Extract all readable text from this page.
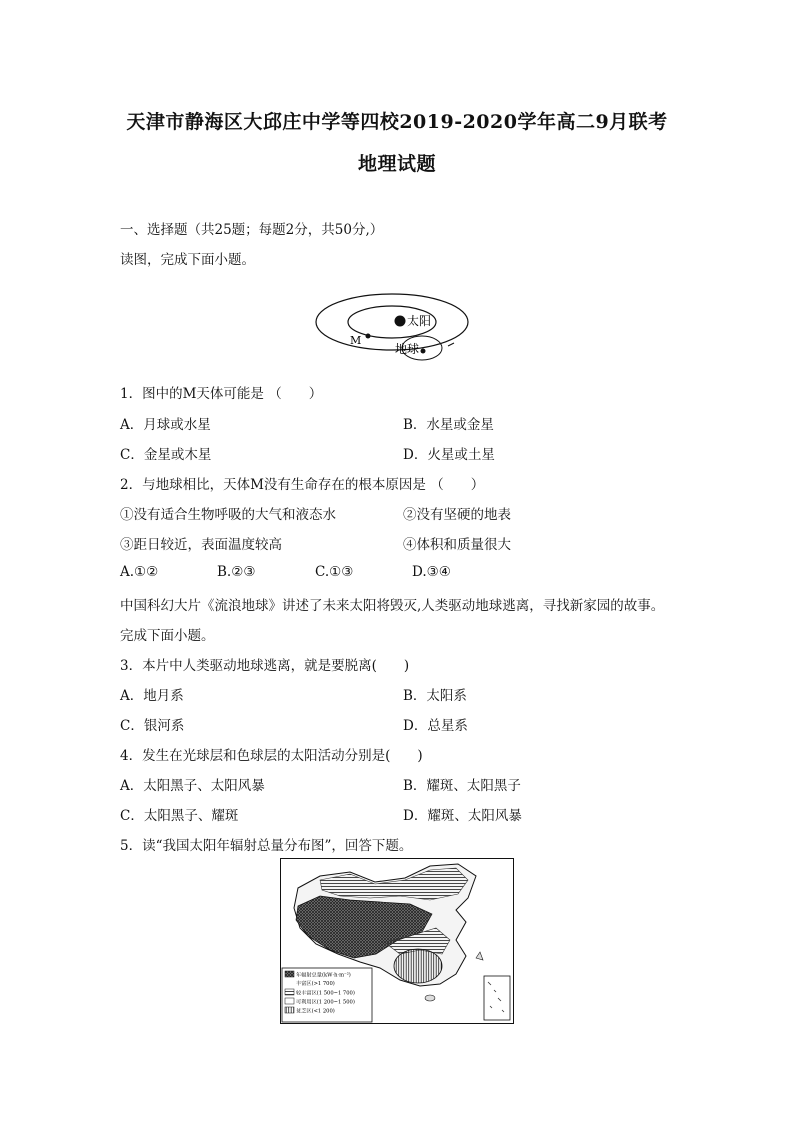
天津市静海区大邱庄中学等四校2019-2020学年高二9月联考
地理试题
一、选择题（共25题；每题2分，共50分,）
读图，完成下面小题。
太阳
M
地球
1．图中的M天体可能是 （　　）
A．月球或水星	B．水星或金星
C．金星或木星	D．火星或土星
2．与地球相比，天体M没有生命存在的根本原因是 （　　）
①没有适合生物呼吸的大气和液态水	②没有坚硬的地表
③距日较近，表面温度较高	④体积和质量很大
A.①②	B.②③	C.①③	D.③④
中国科幻大片《流浪地球》讲述了未来太阳将毁灭,人类驱动地球逃离，寻找新家园的故事。
完成下面小题。
3．本片中人类驱动地球逃离，就是要脱离(　　)
A．地月系	B．太阳系
C．银河系	D．总星系
4．发生在光球层和色球层的太阳活动分别是(　　)
A．太阳黑子、太阳风暴	B．耀斑、太阳黑子
C．太阳黑子、耀斑	D．耀斑、太阳风暴
5．读“我国太阳年辐射总量分布图”，回答下题。
年辐射总量(kW·h·m⁻²)
丰富区(>1 700)
较丰富区(1 500~1 700)
可利用区(1 200~1 500)
贫乏区(<1 200)
